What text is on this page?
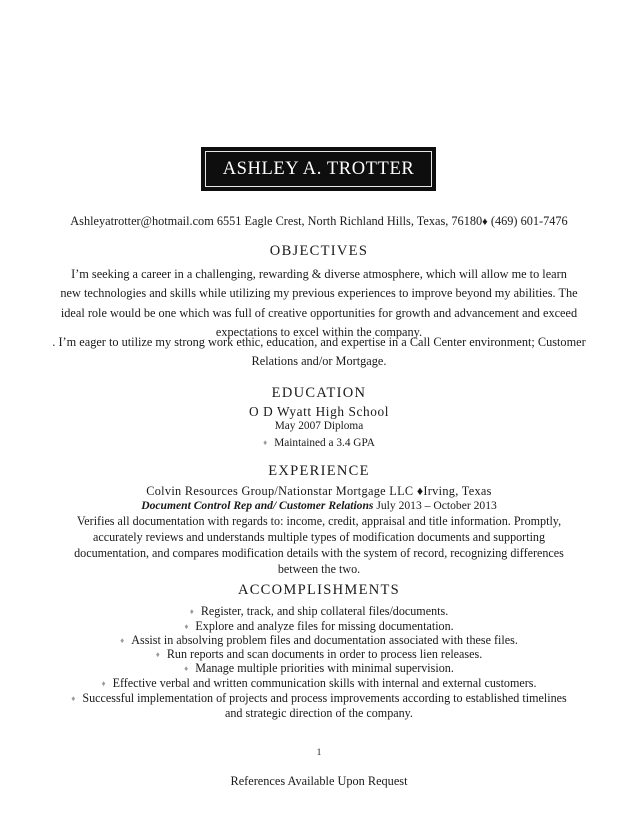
ASHLEY A. TROTTER
Ashleyatrotter@hotmail.com 6551 Eagle Crest, North Richland Hills, Texas, 76180♦ (469) 601-7476
OBJECTIVES
I’m seeking a career in a challenging, rewarding & diverse atmosphere, which will allow me to learn new technologies and skills while utilizing my previous experiences to improve beyond my abilities. The ideal role would be one which was full of creative opportunities for growth and advancement and exceed expectations to excel within the company.
. I’m eager to utilize my strong work ethic, education, and expertise in a Call Center environment; Customer Relations and/or Mortgage.
EDUCATION
O D Wyatt High School
May 2007 Diploma
♦ Maintained a 3.4 GPA
EXPERIENCE
Colvin Resources Group/Nationstar Mortgage LLC ♦Irving, Texas
Document Control Rep and/ Customer Relations July 2013 – October 2013
Verifies all documentation with regards to: income, credit, appraisal and title information. Promptly, accurately reviews and understands multiple types of modification documents and supporting documentation, and compares modification details with the system of record, recognizing differences between the two.
ACCOMPLISHMENTS
♦ Register, track, and ship collateral files/documents.
♦ Explore and analyze files for missing documentation.
♦ Assist in absolving problem files and documentation associated with these files.
♦ Run reports and scan documents in order to process lien releases.
♦ Manage multiple priorities with minimal supervision.
♦ Effective verbal and written communication skills with internal and external customers.
♦ Successful implementation of projects and process improvements according to established timelines
and strategic direction of the company.
1
References Available Upon Request
